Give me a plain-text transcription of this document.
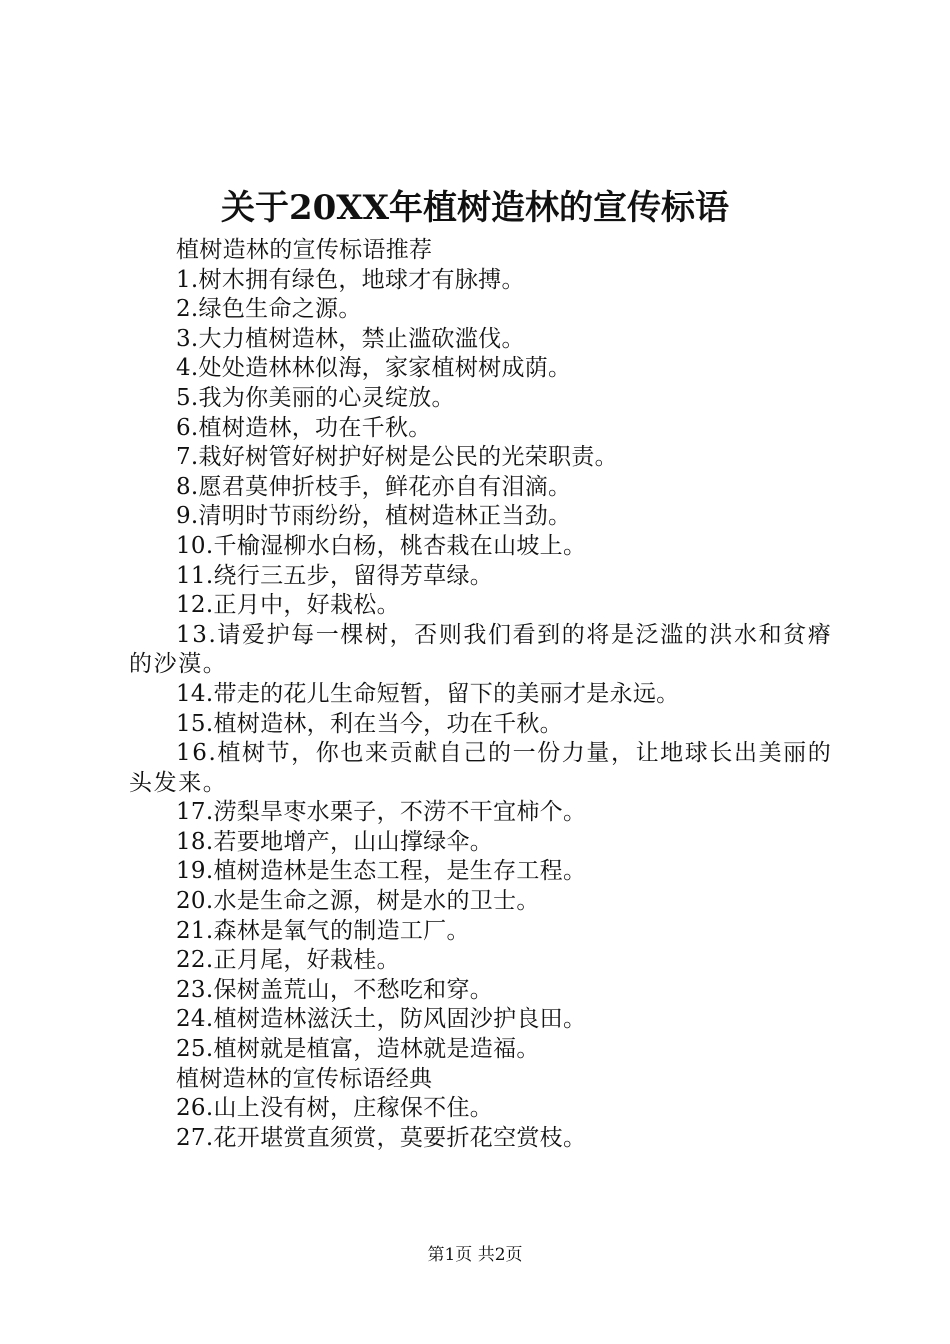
关于20XX年植树造林的宣传标语

植树造林的宣传标语推荐

1.树木拥有绿色，地球才有脉搏。

2.绿色生命之源。

3.大力植树造林，禁止滥砍滥伐。

4.处处造林林似海，家家植树树成荫。

5.我为你美丽的心灵绽放。

6.植树造林，功在千秋。

7.栽好树管好树护好树是公民的光荣职责。

8.愿君莫伸折枝手，鲜花亦自有泪滴。

9.清明时节雨纷纷，植树造林正当劲。

10.千榆湿柳水白杨，桃杏栽在山坡上。

11.绕行三五步，留得芳草绿。

12.正月中，好栽松。

13.请爱护每一棵树，否则我们看到的将是泛滥的洪水和贫瘠的沙漠。

14.带走的花儿生命短暂，留下的美丽才是永远。

15.植树造林，利在当今，功在千秋。

16.植树节，你也来贡献自己的一份力量，让地球长出美丽的头发来。

17.涝梨旱枣水栗子，不涝不干宜柿个。

18.若要地增产，山山撑绿伞。

19.植树造林是生态工程，是生存工程。

20.水是生命之源，树是水的卫士。

21.森林是氧气的制造工厂。

22.正月尾，好栽桂。

23.保树盖荒山，不愁吃和穿。

24.植树造林滋沃土，防风固沙护良田。

25.植树就是植富，造林就是造福。

植树造林的宣传标语经典

26.山上没有树，庄稼保不住。

27.花开堪赏直须赏，莫要折花空赏枝。

第1页 共2页
